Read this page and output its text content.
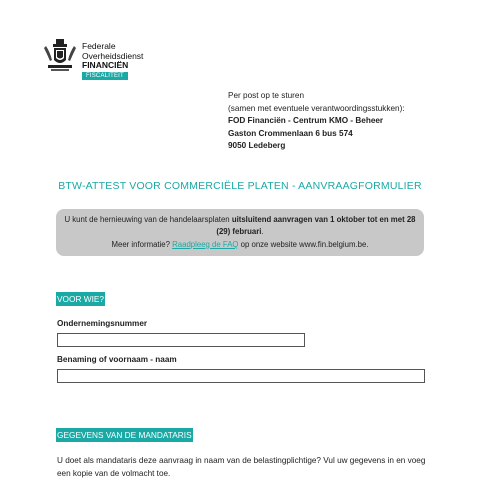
Federale
Overheidsdienst
FINANCIËN
FISCALITEIT
Per post op te sturen
(samen met eventuele verantwoordingsstukken):
FOD Financiën - Centrum KMO - Beheer
Gaston Crommenlaan 6 bus 574
9050 Ledeberg
BTW-ATTEST VOOR COMMERCIËLE PLATEN - AANVRAAGFORMULIER
U kunt de hernieuwing van de handelaarsplaten uitsluitend aanvragen van 1 oktober tot en met 28 (29) februari.
Meer informatie? Raadpleeg de FAQ op onze website www.fin.belgium.be.
VOOR WIE?
Ondernemingsnummer
Benaming of voornaam - naam
GEGEVENS VAN DE MANDATARIS
U doet als mandataris deze aanvraag in naam van de belastingplichtige? Vul uw gegevens in en voeg een kopie van de volmacht toe.
